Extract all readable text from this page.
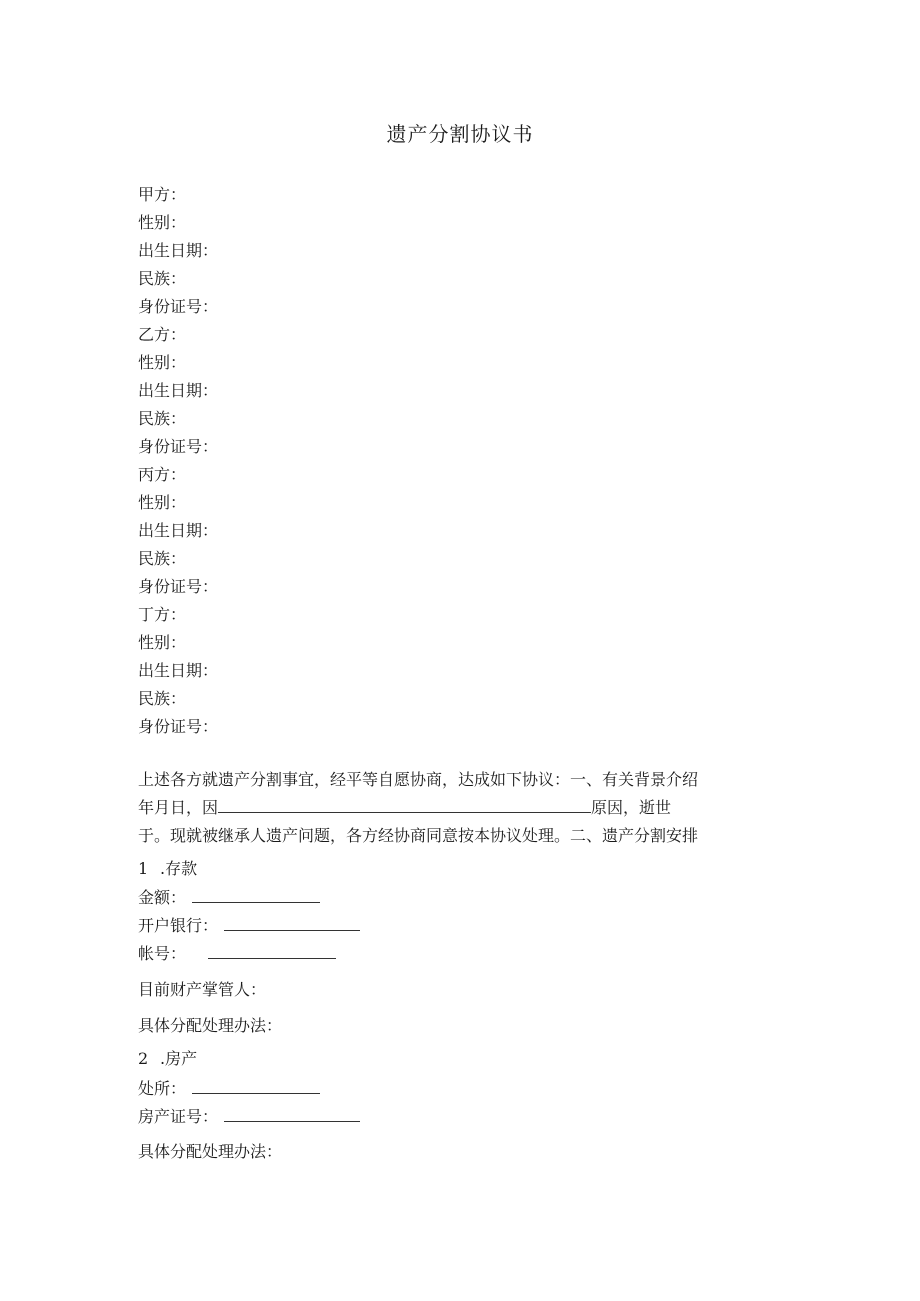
遗产分割协议书
甲方：
性别：
出生日期：
民族：
身份证号：
乙方：
性别：
出生日期：
民族：
身份证号：
丙方：
性别：
出生日期：
民族：
身份证号：
丁方：
性别：
出生日期：
民族：
身份证号：
上述各方就遗产分割事宜，经平等自愿协商，达成如下协议：一、有关背景介绍
年月日，因	原因，逝世
于。现就被继承人遗产问题，各方经协商同意按本协议处理。二、遗产分割安排
1 .存款
金额：
开户银行：
帐号：
目前财产掌管人：
具体分配处理办法：
2 .房产
处所：
房产证号：
具体分配处理办法：
